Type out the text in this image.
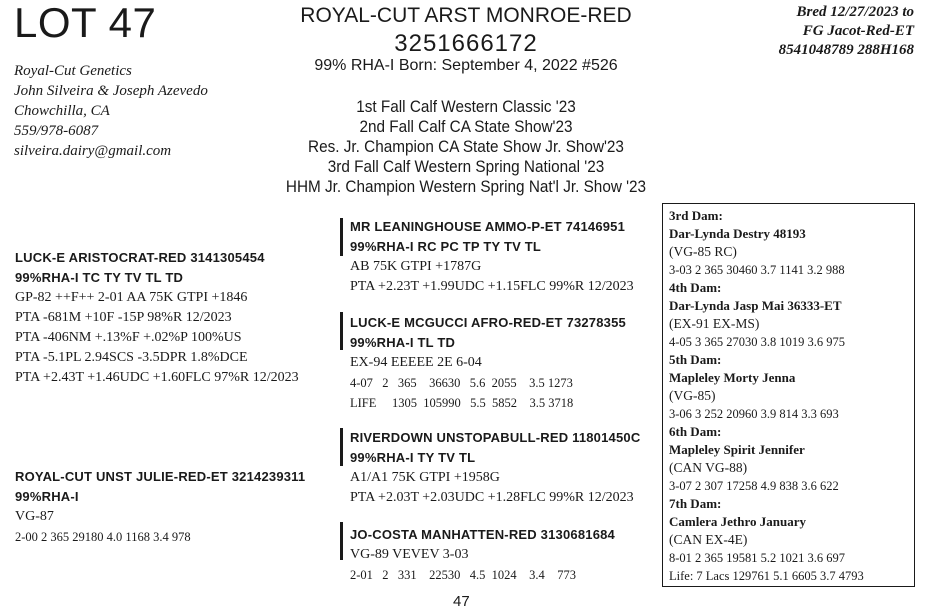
LOT 47
Royal-Cut Genetics
John Silveira & Joseph Azevedo
Chowchilla, CA
559/978-6087
silveira.dairy@gmail.com
ROYAL-CUT ARST MONROE-RED
3251666172
99% RHA-I Born: September 4, 2022 #526
Bred 12/27/2023 to
FG Jacot-Red-ET
8541048789 288H168
1st Fall Calf Western Classic '23
2nd Fall Calf CA State Show'23
Res. Jr. Champion CA State Show Jr. Show'23
3rd Fall Calf Western Spring National '23
HHM Jr. Champion Western Spring Nat'l Jr. Show '23
LUCK-E ARISTOCRAT-RED 3141305454
99%RHA-I TC TY TV TL TD
GP-82 ++F++ 2-01 AA 75K GTPI +1846
PTA -681M +10F -15P 98%R 12/2023
PTA -406NM +.13%F +.02%P 100%US
PTA -5.1PL 2.94SCS -3.5DPR 1.8%DCE
PTA +2.43T +1.46UDC +1.60FLC 97%R 12/2023
ROYAL-CUT UNST JULIE-RED-ET 3214239311
99%RHA-I
VG-87
2-00 2 365 29180 4.0 1168 3.4 978
MR LEANINGHOUSE AMMO-P-ET 74146951
99%RHA-I RC PC TP TY TV TL
AB 75K GTPI +1787G
PTA +2.23T +1.99UDC +1.15FLC 99%R 12/2023
LUCK-E MCGUCCI AFRO-RED-ET 73278355
99%RHA-I TL TD
EX-94 EEEEE 2E 6-04
4-07   2   365    36630   5.6  2055    3.5 1273
LIFE     1305  105990   5.5  5852    3.5 3718
RIVERDOWN UNSTOPABULL-RED 11801450C
99%RHA-I TY TV TL
A1/A1 75K GTPI +1958G
PTA +2.03T +2.03UDC +1.28FLC 99%R 12/2023
JO-COSTA MANHATTEN-RED 3130681684
VG-89 VEVEV 3-03
2-01   2   331    22530   4.5  1024    3.4    773
3rd Dam:
Dar-Lynda Destry 48193
(VG-85 RC)
3-03 2 365 30460 3.7 1141 3.2 988
4th Dam:
Dar-Lynda Jasp Mai 36333-ET
(EX-91 EX-MS)
4-05 3 365 27030 3.8 1019 3.6 975
5th Dam:
Mapleley Morty Jenna
(VG-85)
3-06 3 252 20960 3.9 814 3.3 693
6th Dam:
Mapleley Spirit Jennifer
(CAN VG-88)
3-07 2 307 17258 4.9 838 3.6 622
7th Dam:
Camlera Jethro January
(CAN EX-4E)
8-01 2 365 19581 5.2 1021 3.6 697
Life: 7 Lacs 129761 5.1 6605 3.7 4793
47
